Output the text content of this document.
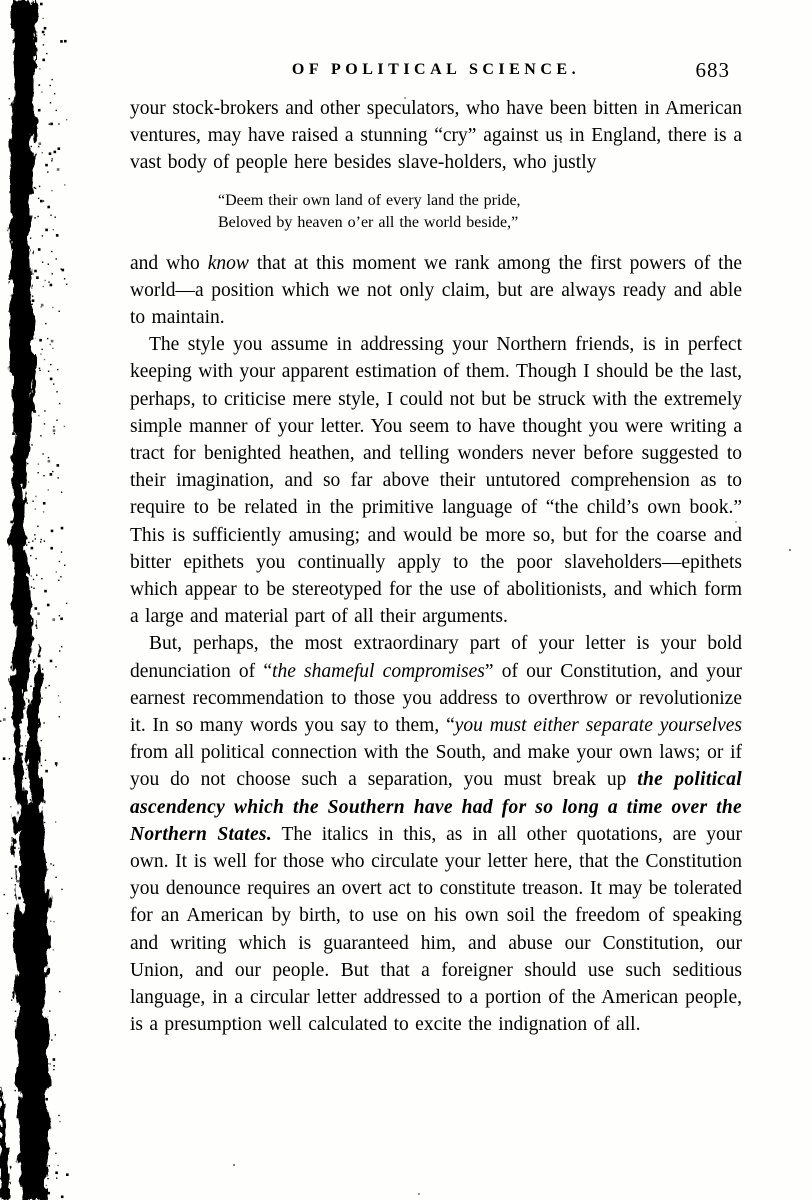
OF POLITICAL SCIENCE.	683

your stock-brokers and other speculators, who have been bitten in American ventures, may have raised a stunning “cry” against us in England, there is a vast body of people here besides slave-holders, who justly

“Deem their own land of every land the pride,
Beloved by heaven o’er all the world beside,”

and who know that at this moment we rank among the first powers of the world—a position which we not only claim, but are always ready and able to maintain.

The style you assume in addressing your Northern friends, is in perfect keeping with your apparent estimation of them. Though I should be the last, perhaps, to criticise mere style, I could not but be struck with the extremely simple manner of your letter. You seem to have thought you were writing a tract for benighted heathen, and telling wonders never before suggested to their imagination, and so far above their untutored comprehension as to require to be related in the primitive language of “the child’s own book.” This is sufficiently amusing; and would be more so, but for the coarse and bitter epithets you continually apply to the poor slaveholders—epithets which appear to be stereotyped for the use of abolitionists, and which form a large and material part of all their arguments.

But, perhaps, the most extraordinary part of your letter is your bold denunciation of “the shameful compromises” of our Constitution, and your earnest recommendation to those you address to overthrow or revolutionize it. In so many words you say to them, “you must either separate yourselves from all political connection with the South, and make your own laws; or if you do not choose such a separation, you must break up the political ascendency which the Southern have had for so long a time over the Northern States. The italics in this, as in all other quotations, are your own. It is well for those who circulate your letter here, that the Constitution you denounce requires an overt act to constitute treason. It may be tolerated for an American by birth, to use on his own soil the freedom of speaking and writing which is guaranteed him, and abuse our Constitution, our Union, and our people. But that a foreigner should use such seditious language, in a circular letter addressed to a portion of the American people, is a presumption well calculated to excite the indignation of all.
